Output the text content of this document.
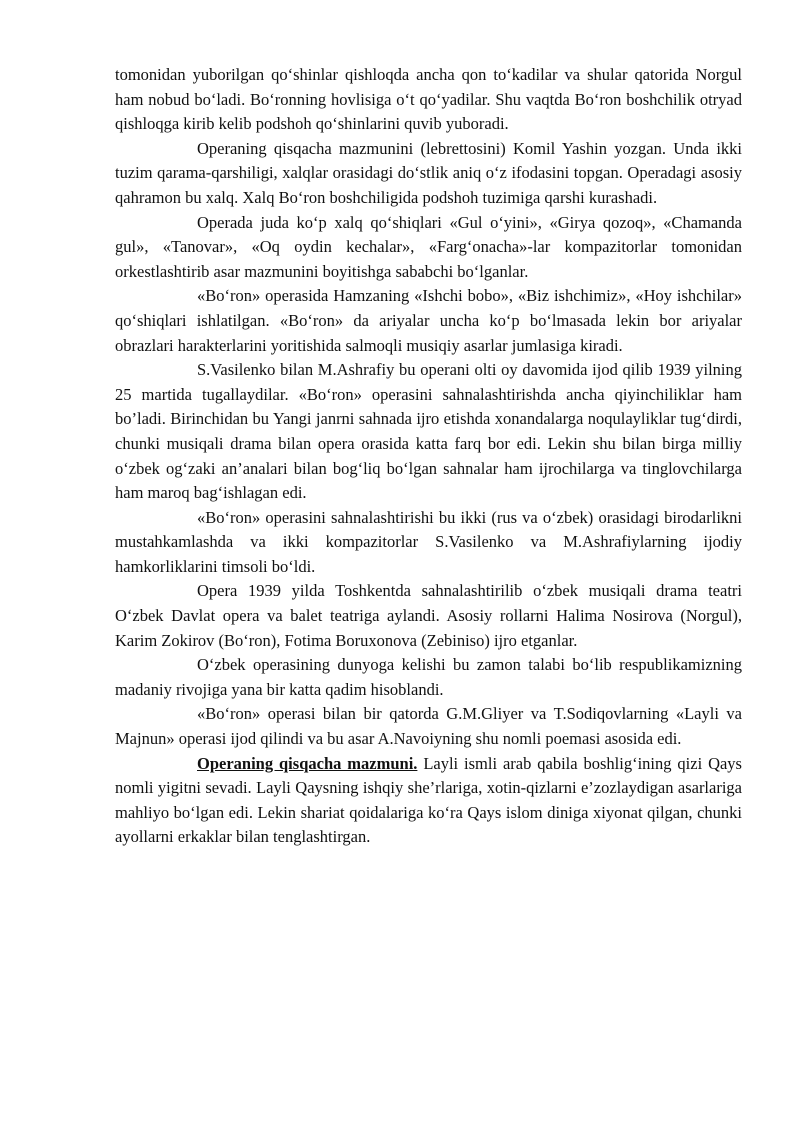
tomonidan yuborilgan qoʻshinlar qishloqda ancha qon toʻkadilar va shular qatorida Norgul ham nobud boʻladi. Boʻronning hovlisiga oʻt qoʻyadilar. Shu vaqtda Boʻron boshchilik otryad qishloqga kirib kelib podshoh qoʻshinlarini quvib yuboradi.

Operaning qisqacha mazmunini (lebrettosini) Komil Yashin yozgan. Unda ikki tuzim qarama-qarshiligi, xalqlar orasidagi doʻstlik aniq oʻz ifodasini topgan. Operadagi asosiy qahramon bu xalq. Xalq Boʻron boshchiligida podshoh tuzimiga qarshi kurashadi.

Operada juda koʻp xalq qoʻshiqlari «Gul oʻyini», «Girya qozoq», «Chamanda gul», «Tanovar», «Oq oydin kechalar», «Fargʻonacha»-lar kompazitorlar tomonidan orkestlashtirib asar mazmunini boyitishga sababchi boʻlganlar.

«Boʻron» operasida Hamzaning «Ishchi bobo», «Biz ishchimiz», «Hoy ishchilar» qoʻshiqlari ishlatilgan. «Boʻron» da ariyalar uncha koʻp boʻlmasada lekin bor ariyalar obrazlari harakterlarini yoritishida salmoqli musiqiy asarlar jumlasiga kiradi.

S.Vasilenko bilan M.Ashrafiy bu operani olti oy davomida ijod qilib 1939 yilning 25 martida tugallaydilar. «Boʻron» operasini sahnalashtirishda ancha qiyinchiliklar ham bo’ladi. Birinchidan bu Yangi janrni sahnada ijro etishda xonandalarga noqulayliklar tugʻdirdi, chunki musiqali drama bilan opera orasida katta farq bor edi. Lekin shu bilan birga milliy oʻzbek ogʻzaki an’analari bilan bogʻliq boʻlgan sahnalar ham ijrochilarga va tinglovchilarga ham maroq bagʻishlagan edi.

«Boʻron» operasini sahnalashtirishi bu ikki (rus va oʻzbek) orasidagi birodarlikni mustahkamlashda va ikki kompazitorlar S.Vasilenko va M.Ashrafiylarning ijodiy hamkorliklarini timsoli boʻldi.

Opera 1939 yilda Toshkentda sahnalashtirilib oʻzbek musiqali drama teatri Oʻzbek Davlat opera va balet teatriga aylandi. Asosiy rollarni Halima Nosirova (Norgul), Karim Zokirov (Boʻron), Fotima Boruxonova (Zebiniso) ijro etganlar.

Oʻzbek operasining dunyoga kelishi bu zamon talabi boʻlib respublikamizning madaniy rivojiga yana bir katta qadim hisoblandi.

«Boʻron» operasi bilan bir qatorda G.M.Gliyer va T.Sodiqovlarning «Layli va Majnun» operasi ijod qilindi va bu asar A.Navoiyning shu nomli poemasi asosida edi.

Operaning qisqacha mazmuni. Layli ismli arab qabila boshligʻining qizi Qays nomli yigitni sevadi. Layli Qaysning ishqiy she’rlariga, xotin-qizlarni e’zozlaydigan asarlariga mahliyo boʻlgan edi. Lekin shariat qoidalariga koʻra Qays islom diniga xiyonat qilgan, chunki ayollarni erkaklar bilan tenglashtirgan.
